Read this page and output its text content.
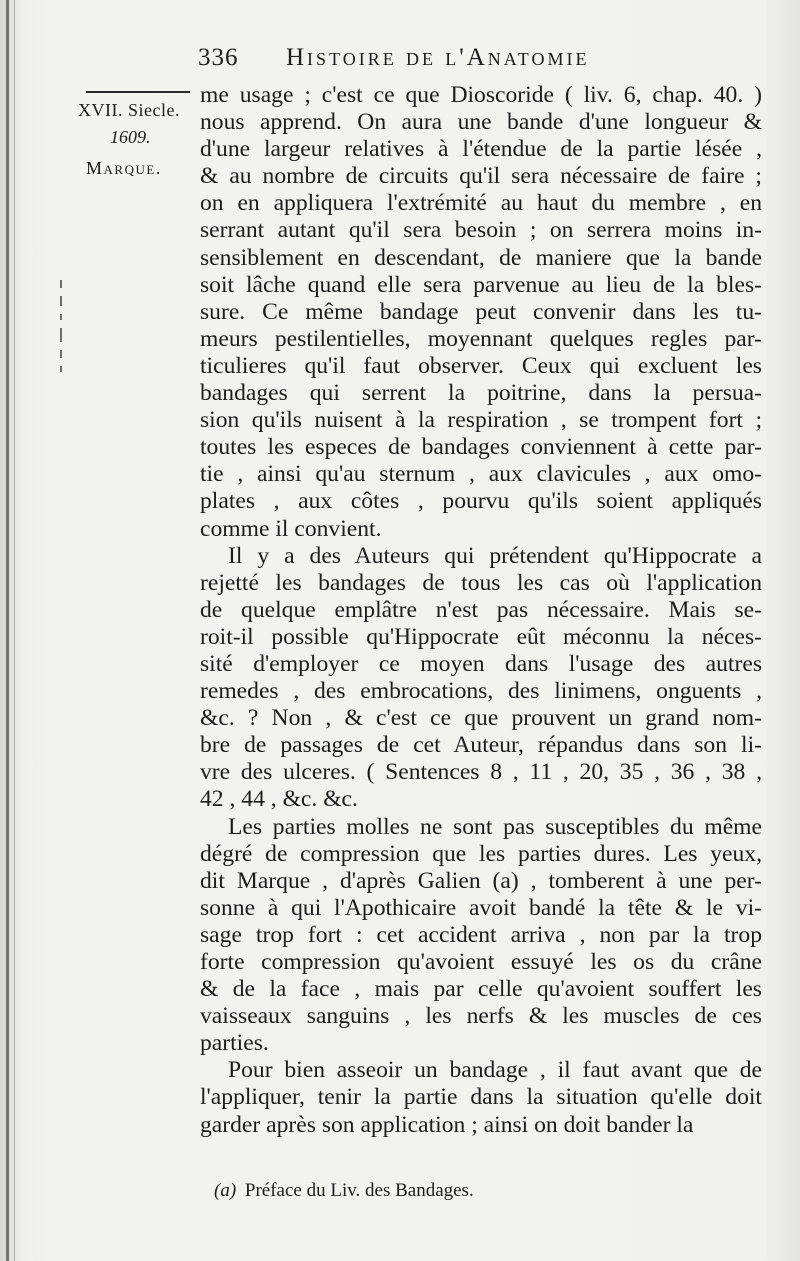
336 Histoire de l'Anatomie
XVII. Siecle.
1609.
Marque.
me usage ; c'est ce que Dioscoride ( liv. 6, chap. 40. )
nous apprend. On aura une bande d'une longueur &
d'une largeur relatives à l'étendue de la partie lésée ,
& au nombre de circuits qu'il sera nécessaire de faire ;
on en appliquera l'extrémité au haut du membre , en
serrant autant qu'il sera besoin ; on serrera moins in-
sensiblement en descendant, de maniere que la bande
soit lâche quand elle sera parvenue au lieu de la bles-
sure. Ce même bandage peut convenir dans les tu-
meurs pestilentielles, moyennant quelques regles par-
ticulieres qu'il faut observer. Ceux qui excluent les
bandages qui serrent la poitrine, dans la persua-
sion qu'ils nuisent à la respiration , se trompent fort ;
toutes les especes de bandages conviennent à cette par-
tie , ainsi qu'au sternum , aux clavicules , aux omo-
plates , aux côtes , pourvu qu'ils soient appliqués
comme il convient.
Il y a des Auteurs qui prétendent qu'Hippocrate a
rejetté les bandages de tous les cas où l'application
de quelque emplâtre n'est pas nécessaire. Mais se-
roit-il possible qu'Hippocrate eût méconnu la néces-
sité d'employer ce moyen dans l'usage des autres
remedes , des embrocations, des linimens, onguents ,
&c. ? Non , & c'est ce que prouvent un grand nom-
bre de passages de cet Auteur, répandus dans son li-
vre des ulceres. ( Sentences 8 , 11 , 20, 35 , 36 , 38 ,
42 , 44 , &c. &c.
Les parties molles ne sont pas susceptibles du même
dégré de compression que les parties dures. Les yeux,
dit Marque , d'après Galien (a) , tomberent à une per-
sonne à qui l'Apothicaire avoit bandé la tête & le vi-
sage trop fort : cet accident arriva , non par la trop
forte compression qu'avoient essuyé les os du crâne
& de la face , mais par celle qu'avoient souffert les
vaisseaux sanguins , les nerfs & les muscles de ces
parties.
Pour bien asseoir un bandage , il faut avant que de
l'appliquer, tenir la partie dans la situation qu'elle doit
garder après son application ; ainsi on doit bander la
(a) Préface du Liv. des Bandages.
